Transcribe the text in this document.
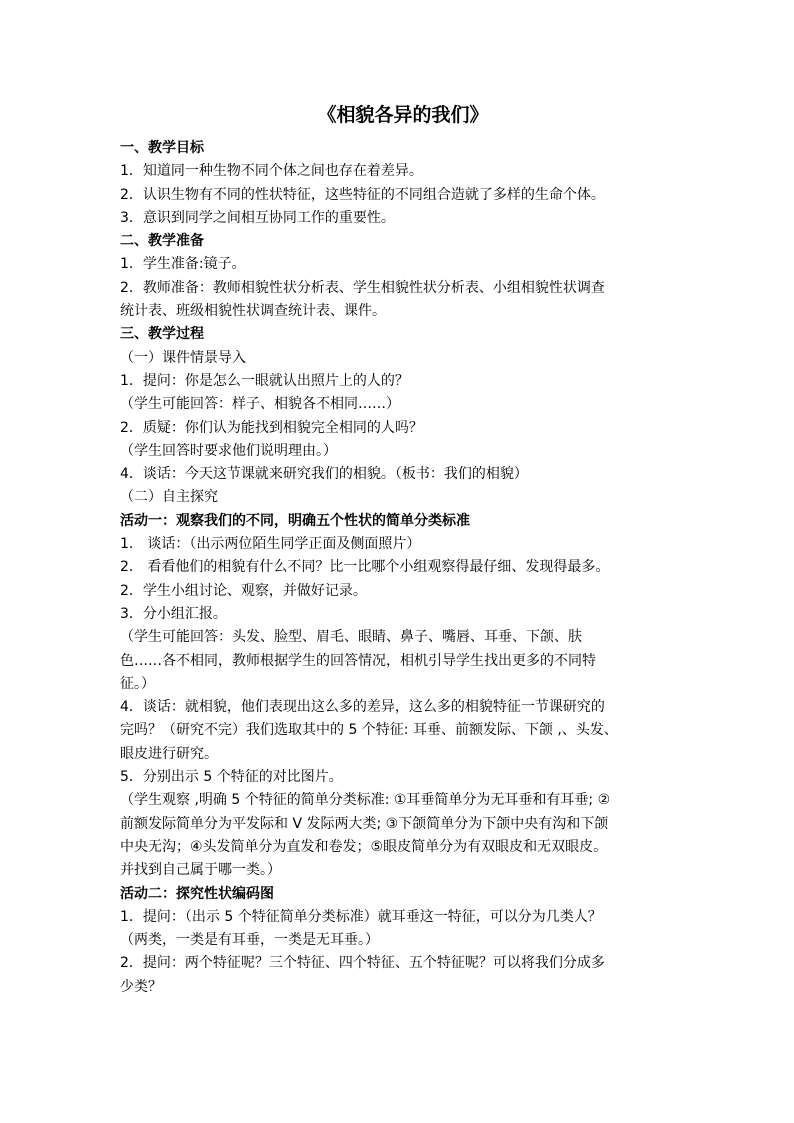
《相貌各异的我们》
一、教学目标
1．知道同一种生物不同个体之间也存在着差异。
2．认识生物有不同的性状特征，这些特征的不同组合造就了多样的生命个体。
3．意识到同学之间相互协同工作的重要性。
二、教学准备
1．学生准备:镜子。
2．教师准备：教师相貌性状分析表、学生相貌性状分析表、小组相貌性状调查
统计表、班级相貌性状调查统计表、课件。
三、教学过程
（一）课件情景导入
1．提问：你是怎么一眼就认出照片上的人的？
（学生可能回答：样子、相貌各不相同……）
2．质疑：你们认为能找到相貌完全相同的人吗？
（学生回答时要求他们说明理由。）
4．谈话：今天这节课就来研究我们的相貌。（板书：我们的相貌）
（二）自主探究
活动一：观察我们的不同，明确五个性状的简单分类标准
1． 谈话：（出示两位陌生同学正面及侧面照片）
2． 看看他们的相貌有什么不同？比一比哪个小组观察得最仔细、发现得最多。
2．学生小组讨论、观察，并做好记录。
3．分小组汇报。
（学生可能回答：头发、脸型、眉毛、眼睛、鼻子、嘴唇、耳垂、下颌、肤
色……各不相同，教师根据学生的回答情况，相机引导学生找出更多的不同特
征。）
4．谈话：就相貌，他们表现出这么多的差异，这么多的相貌特征一节课研究的
完吗？（研究不完）我们选取其中的 5 个特征: 耳垂、前额发际、下颌 ,、头发、
眼皮进行研究。
5．分别出示 5 个特征的对比图片。
（学生观察 ,明确 5 个特征的简单分类标准: ①耳垂简单分为无耳垂和有耳垂; ②
前额发际简单分为平发际和 V 发际两大类; ③下颌简单分为下颌中央有沟和下颌
中央无沟；④头发简单分为直发和卷发；⑤眼皮简单分为有双眼皮和无双眼皮。
并找到自己属于哪一类。）
活动二：探究性状编码图
1．提问：（出示 5 个特征简单分类标准）就耳垂这一特征，可以分为几类人？
（两类，一类是有耳垂，一类是无耳垂。）
2．提问：两个特征呢？三个特征、四个特征、五个特征呢？可以将我们分成多
少类？
